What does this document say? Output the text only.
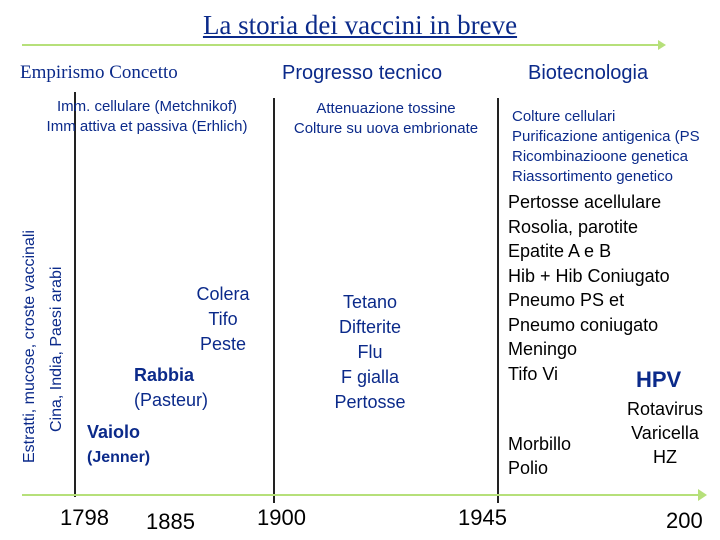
La storia dei vaccini in breve
Empirismo Concetto	Progresso tecnico	Biotecnologia
Estratti, mucose, croste vaccinali Cina, India, Paesi arabi
Imm. cellulare (Metchnikof)
Imm attiva et passiva (Erhlich)
Attenuazione tossine
Colture su uova embrionate
Colture cellulari
Purificazione antigenica (PS
Ricombinazioone genetica
Riassortimento genetico
Colera
Tifo
Peste
Rabbia
(Pasteur)
Vaiolo
(Jenner)
Tetano
Difterite
Flu
F gialla
Pertosse
Pertosse acellulare
Rosolia, parotite
Epatite A e B
Hib + Hib Coniugato
Pneumo PS et
Pneumo coniugato
Meningo
Tifo Vi	HPV
Rotavirus
Varicella
HZ
Morbillo
Polio
1798 1885	1900	1945	200
